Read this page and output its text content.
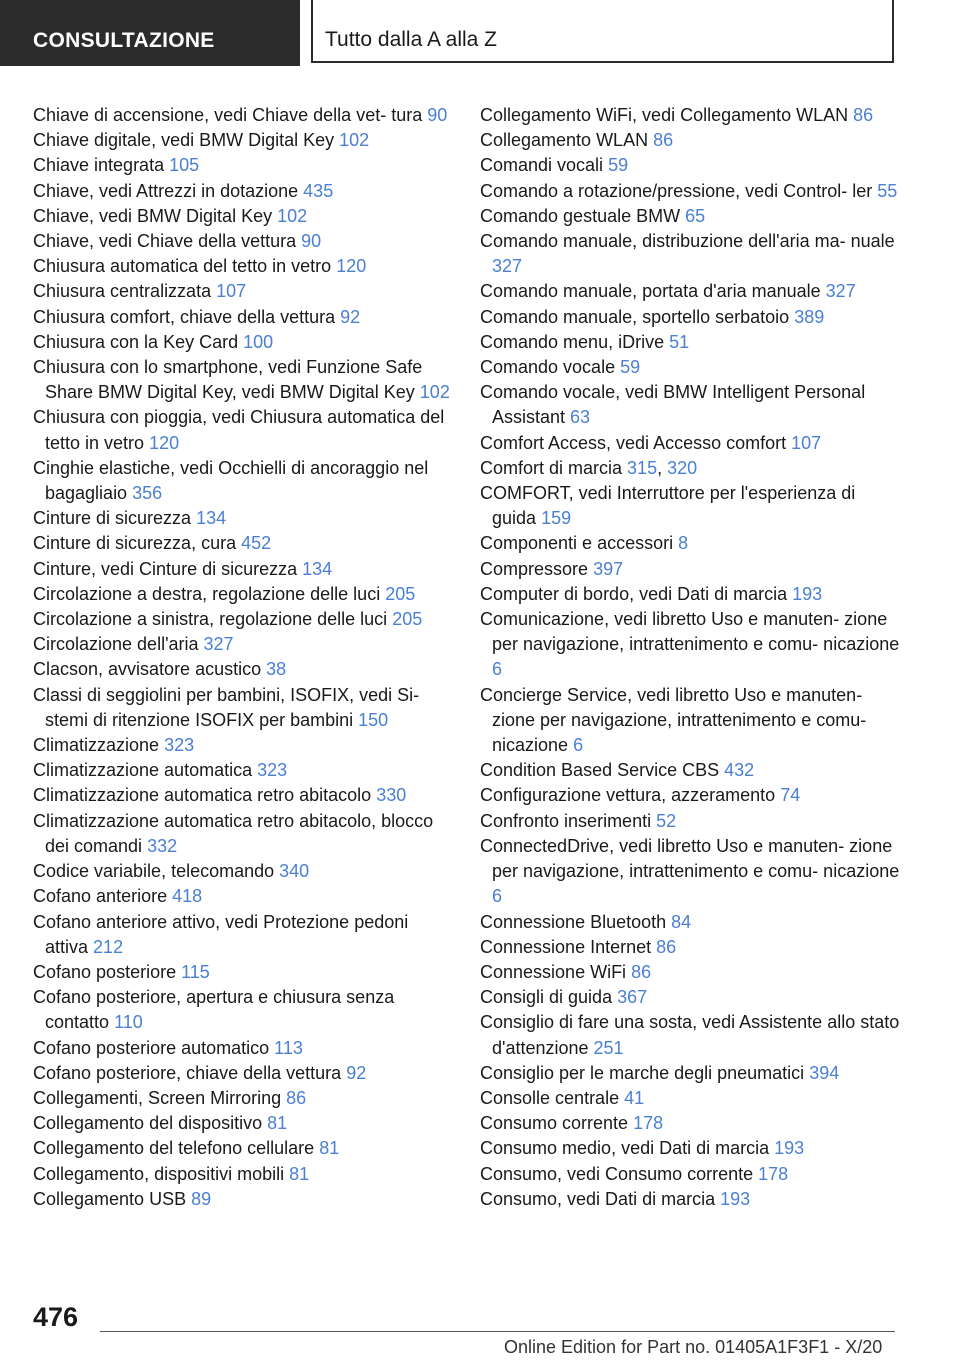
CONSULTAZIONE	Tutto dalla A alla Z
Chiave di accensione, vedi Chiave della vet- tura 90
Chiave digitale, vedi BMW Digital Key 102
Chiave integrata 105
Chiave, vedi Attrezzi in dotazione 435
Chiave, vedi BMW Digital Key 102
Chiave, vedi Chiave della vettura 90
Chiusura automatica del tetto in vetro 120
Chiusura centralizzata 107
Chiusura comfort, chiave della vettura 92
Chiusura con la Key Card 100
Chiusura con lo smartphone, vedi Funzione Safe Share BMW Digital Key, vedi BMW Digital Key 102
Chiusura con pioggia, vedi Chiusura automatica del tetto in vetro 120
Cinghie elastiche, vedi Occhielli di ancoraggio nel bagagliaio 356
Cinture di sicurezza 134
Cinture di sicurezza, cura 452
Cinture, vedi Cinture di sicurezza 134
Circolazione a destra, regolazione delle luci 205
Circolazione a sinistra, regolazione delle luci 205
Circolazione dell'aria 327
Clacson, avvisatore acustico 38
Classi di seggiolini per bambini, ISOFIX, vedi Si- stemi di ritenzione ISOFIX per bambini 150
Climatizzazione 323
Climatizzazione automatica 323
Climatizzazione automatica retro abitacolo 330
Climatizzazione automatica retro abitacolo, blocco dei comandi 332
Codice variabile, telecomando 340
Cofano anteriore 418
Cofano anteriore attivo, vedi Protezione pedoni attiva 212
Cofano posteriore 115
Cofano posteriore, apertura e chiusura senza contatto 110
Cofano posteriore automatico 113
Cofano posteriore, chiave della vettura 92
Collegamenti, Screen Mirroring 86
Collegamento del dispositivo 81
Collegamento del telefono cellulare 81
Collegamento, dispositivi mobili 81
Collegamento USB 89
Collegamento WiFi, vedi Collegamento WLAN 86
Collegamento WLAN 86
Comandi vocali 59
Comando a rotazione/pressione, vedi Control- ler 55
Comando gestuale BMW 65
Comando manuale, distribuzione dell'aria ma- nuale 327
Comando manuale, portata d'aria manuale 327
Comando manuale, sportello serbatoio 389
Comando menu, iDrive 51
Comando vocale 59
Comando vocale, vedi BMW Intelligent Personal Assistant 63
Comfort Access, vedi Accesso comfort 107
Comfort di marcia 315, 320
COMFORT, vedi Interruttore per l'esperienza di guida 159
Componenti e accessori 8
Compressore 397
Computer di bordo, vedi Dati di marcia 193
Comunicazione, vedi libretto Uso e manuten- zione per navigazione, intrattenimento e comu- nicazione 6
Concierge Service, vedi libretto Uso e manuten- zione per navigazione, intrattenimento e comu- nicazione 6
Condition Based Service CBS 432
Configurazione vettura, azzeramento 74
Confronto inserimenti 52
ConnectedDrive, vedi libretto Uso e manuten- zione per navigazione, intrattenimento e comu- nicazione 6
Connessione Bluetooth 84
Connessione Internet 86
Connessione WiFi 86
Consigli di guida 367
Consiglio di fare una sosta, vedi Assistente allo stato d'attenzione 251
Consiglio per le marche degli pneumatici 394
Consolle centrale 41
Consumo corrente 178
Consumo medio, vedi Dati di marcia 193
Consumo, vedi Consumo corrente 178
Consumo, vedi Dati di marcia 193
476
Online Edition for Part no. 01405A1F3F1 - X/20
